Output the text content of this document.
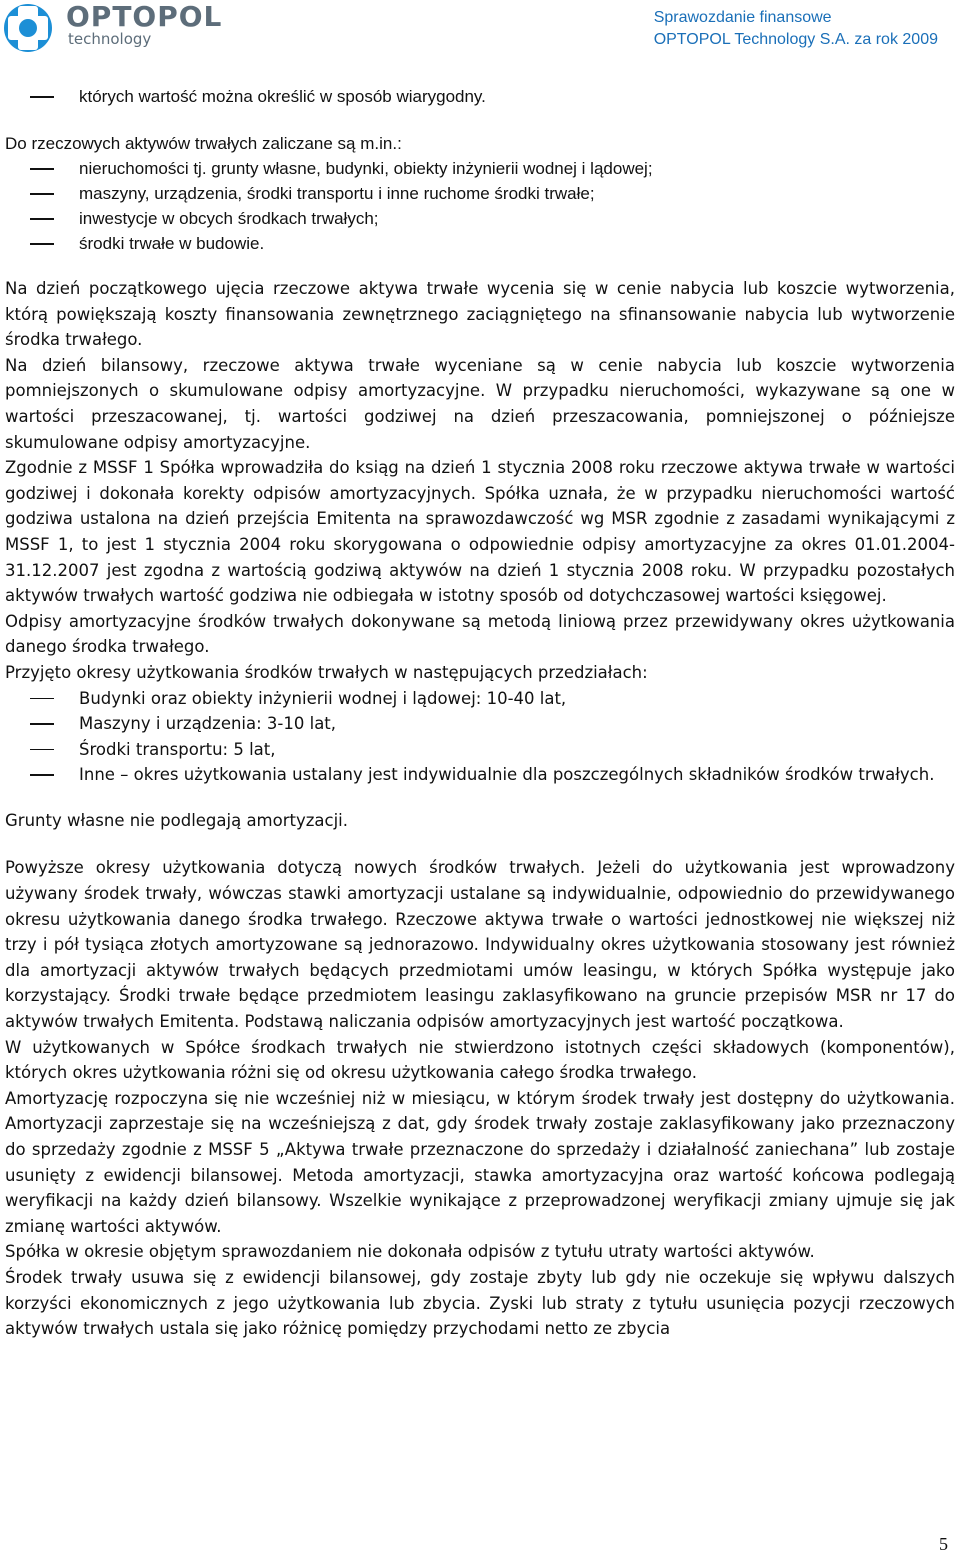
OPTOPOL
technology
Sprawozdanie finansowe
OPTOPOL Technology S.A. za rok 2009
których wartość można określić w sposób wiarygodny.
Do rzeczowych aktywów trwałych zaliczane są m.in.:
nieruchomości tj. grunty własne, budynki, obiekty inżynierii wodnej i lądowej;
maszyny, urządzenia, środki transportu i inne ruchome środki trwałe;
inwestycje w obcych środkach trwałych;
środki trwałe w budowie.

Na dzień początkowego ujęcia rzeczowe aktywa trwałe wycenia się w cenie nabycia lub koszcie wytworzenia, którą powiększają koszty finansowania zewnętrznego zaciągniętego na sfinansowanie nabycia lub wytworzenie środka trwałego.

Na dzień bilansowy, rzeczowe aktywa trwałe wyceniane są w cenie nabycia lub koszcie wytworzenia pomniejszonych o skumulowane odpisy amortyzacyjne. W przypadku nieruchomości, wykazywane są one w wartości przeszacowanej, tj. wartości godziwej na dzień przeszacowania, pomniejszonej o późniejsze skumulowane odpisy amortyzacyjne.

Zgodnie z MSSF 1 Spółka wprowadziła do ksiąg na dzień 1 stycznia 2008 roku rzeczowe aktywa trwałe w wartości godziwej i dokonała korekty odpisów amortyzacyjnych. Spółka uznała, że w przypadku nieruchomości wartość godziwa ustalona na dzień przejścia Emitenta na sprawozdawczość wg MSR zgodnie z zasadami wynikającymi z MSSF 1, to jest 1 stycznia 2004 roku skorygowana o odpowiednie odpisy amortyzacyjne za okres 01.01.2004-31.12.2007 jest zgodna z wartością godziwą aktywów na dzień 1 stycznia 2008 roku. W przypadku pozostałych aktywów trwałych wartość godziwa nie odbiegała w istotny sposób od dotychczasowej wartości księgowej.

Odpisy amortyzacyjne środków trwałych dokonywane są metodą liniową przez przewidywany okres użytkowania danego środka trwałego.

Przyjęto okresy użytkowania środków trwałych w następujących przedziałach:

Budynki oraz obiekty inżynierii wodnej i lądowej: 10-40 lat,
Maszyny i urządzenia: 3-10 lat,
Środki transportu: 5 lat,
Inne – okres użytkowania ustalany jest indywidualnie dla poszczególnych składników środków trwałych.

Grunty własne nie podlegają amortyzacji.

Powyższe okresy użytkowania dotyczą nowych środków trwałych. Jeżeli do użytkowania jest wprowadzony używany środek trwały, wówczas stawki amortyzacji ustalane są indywidualnie, odpowiednio do przewidywanego okresu użytkowania danego środka trwałego. Rzeczowe aktywa trwałe o wartości jednostkowej nie większej niż trzy i pół tysiąca złotych amortyzowane są jednorazowo. Indywidualny okres użytkowania stosowany jest również dla amortyzacji aktywów trwałych będących przedmiotami umów leasingu, w których Spółka występuje jako korzystający. Środki trwałe będące przedmiotem leasingu zaklasyfikowano na gruncie przepisów MSR nr 17 do aktywów trwałych Emitenta. Podstawą naliczania odpisów amortyzacyjnych jest wartość początkowa.

W użytkowanych w Spółce środkach trwałych nie stwierdzono istotnych części składowych (komponentów), których okres użytkowania różni się od okresu użytkowania całego środka trwałego.

Amortyzację rozpoczyna się nie wcześniej niż w miesiącu, w którym środek trwały jest dostępny do użytkowania. Amortyzacji zaprzestaje się na wcześniejszą z dat, gdy środek trwały zostaje zaklasyfikowany jako przeznaczony do sprzedaży zgodnie z MSSF 5 „Aktywa trwałe przeznaczone do sprzedaży i działalność zaniechana” lub zostaje usunięty z ewidencji bilansowej. Metoda amortyzacji, stawka amortyzacyjna oraz wartość końcowa podlegają weryfikacji na każdy dzień bilansowy. Wszelkie wynikające z przeprowadzonej weryfikacji zmiany ujmuje się jak zmianę wartości aktywów.

Spółka w okresie objętym sprawozdaniem nie dokonała odpisów z tytułu utraty wartości aktywów.

Środek trwały usuwa się z ewidencji bilansowej, gdy zostaje zbyty lub gdy nie oczekuje się wpływu dalszych korzyści ekonomicznych z jego użytkowania lub zbycia. Zyski lub straty z tytułu usunięcia pozycji rzeczowych aktywów trwałych ustala się jako różnicę pomiędzy przychodami netto ze zbycia

5
